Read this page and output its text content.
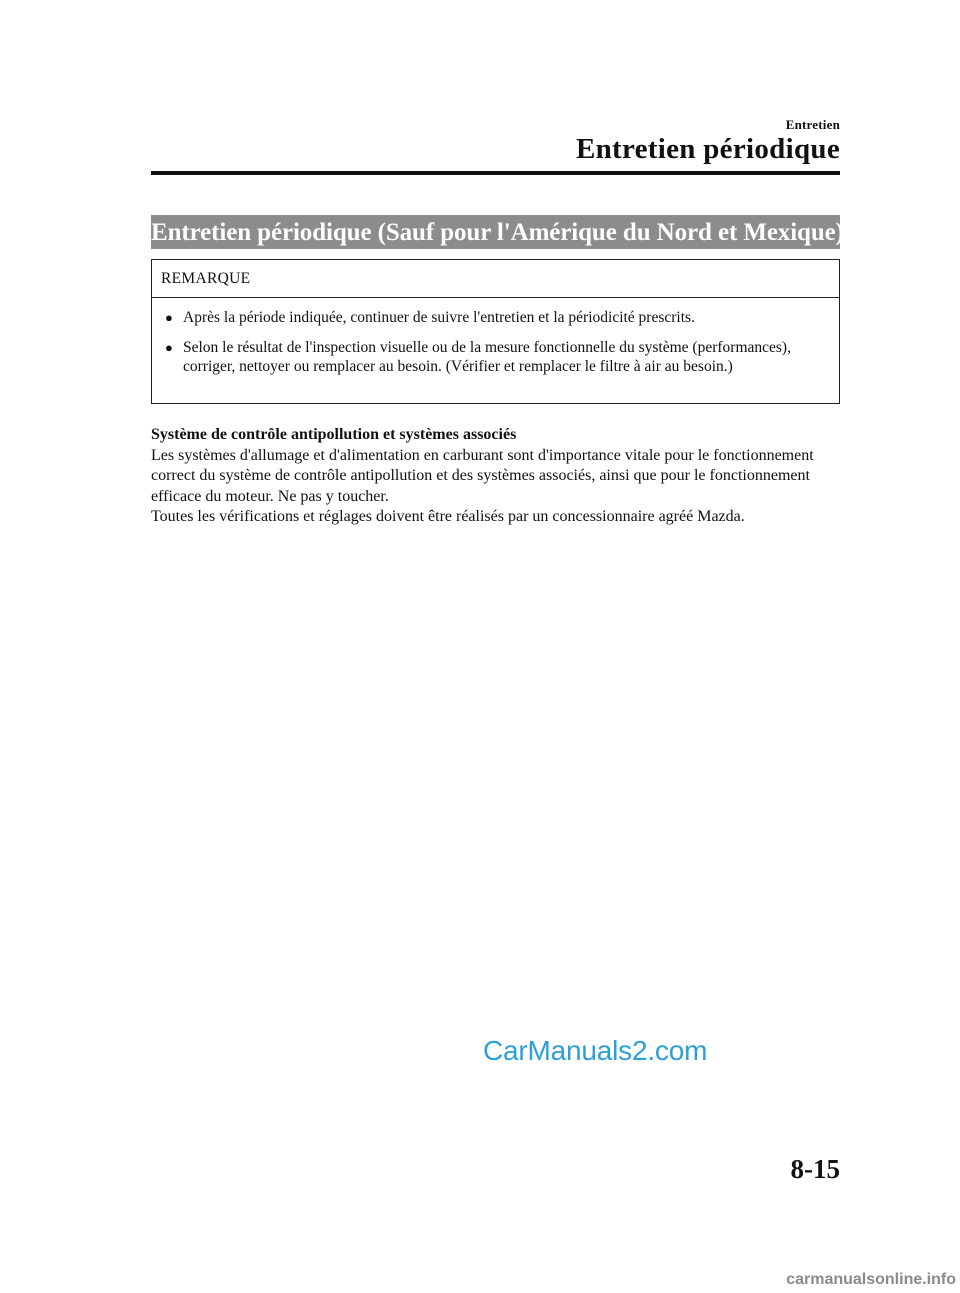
Entretien
Entretien périodique
Entretien périodique (Sauf pour l'Amérique du Nord et Mexique)
REMARQUE
● Après la période indiquée, continuer de suivre l'entretien et la périodicité prescrits.
● Selon le résultat de l'inspection visuelle ou de la mesure fonctionnelle du système (performances), corriger, nettoyer ou remplacer au besoin. (Vérifier et remplacer le filtre à air au besoin.)

Système de contrôle antipollution et systèmes associés

Les systèmes d'allumage et d'alimentation en carburant sont d'importance vitale pour le fonctionnement correct du système de contrôle antipollution et des systèmes associés, ainsi que pour le fonctionnement efficace du moteur. Ne pas y toucher.

Toutes les vérifications et réglages doivent être réalisés par un concessionnaire agréé Mazda.

CarManuals2.com
8-15
carmanualsonline.info
